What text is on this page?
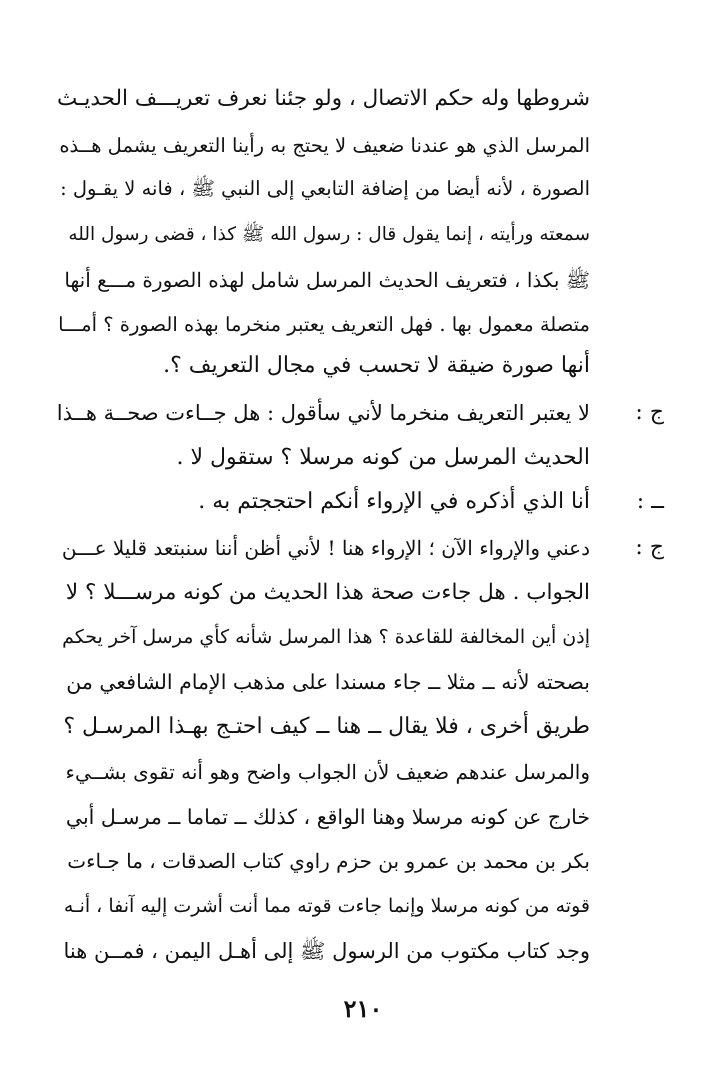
شروطها وله حكم الاتصال ، ولو جئنا نعرف تعريـــف الحديـث
المرسل الذي هو عندنا ضعيف لا يحتج به رأينا التعريف يشمل هــذه
الصورة ، لأنه أيضا من إضافة التابعي إلى النبي ﷺ ، فانه لا يقـول :
سمعته ورأيته ، إنما يقول قال : رسول الله ﷺ كذا ، قضى رسول الله
ﷺ بكذا ، فتعريف الحديث المرسل شامل لهذه الصورة مـــع أنها
متصلة معمول بها . فهل التعريف يعتبر منخرما بهذه الصورة ؟ أمـــا
أنها صورة ضيقة لا تحسب في مجال التعريف ؟.
ج :
لا يعتبر التعريف منخرما لأني سأقول : هل جــاءت صحــة هــذا
الحديث المرسل من كونه مرسلا ؟ ستقول لا .
ــ :
أنا الذي أذكره في الإرواء أنكم احتججتم به .
ج :
دعني والإرواء الآن ؛ الإرواء هنا ! لأني أظن أننا سنبتعد قليلا عـــن
الجواب . هل جاءت صحة هذا الحديث من كونه مرســـلا ؟ لا
إذن أين المخالفة للقاعدة ؟ هذا المرسل شأنه كأي مرسل آخر يحكم
بصحته لأنه ــ مثلا ــ جاء مسندا على مذهب الإمام الشافعي من
طريق أخرى ، فلا يقال ــ هنا ــ كيف احتـج بهـذا المرسـل ؟
والمرسل عندهم ضعيف لأن الجواب واضح وهو أنه تقوى بشــيء
خارج عن كونه مرسلا وهنا الواقع ، كذلك ــ تماما ــ مرسـل أبي
بكر بن محمد بن عمرو بن حزم راوي كتاب الصدقات ، ما جـاءت
قوته من كونه مرسلا وإنما جاءت قوته مما أنت أشرت إليه آنفا ، أنـه
وجد كتاب مكتوب من الرسول ﷺ إلى أهـل اليمن ، فمــن هنا
٢١٠
